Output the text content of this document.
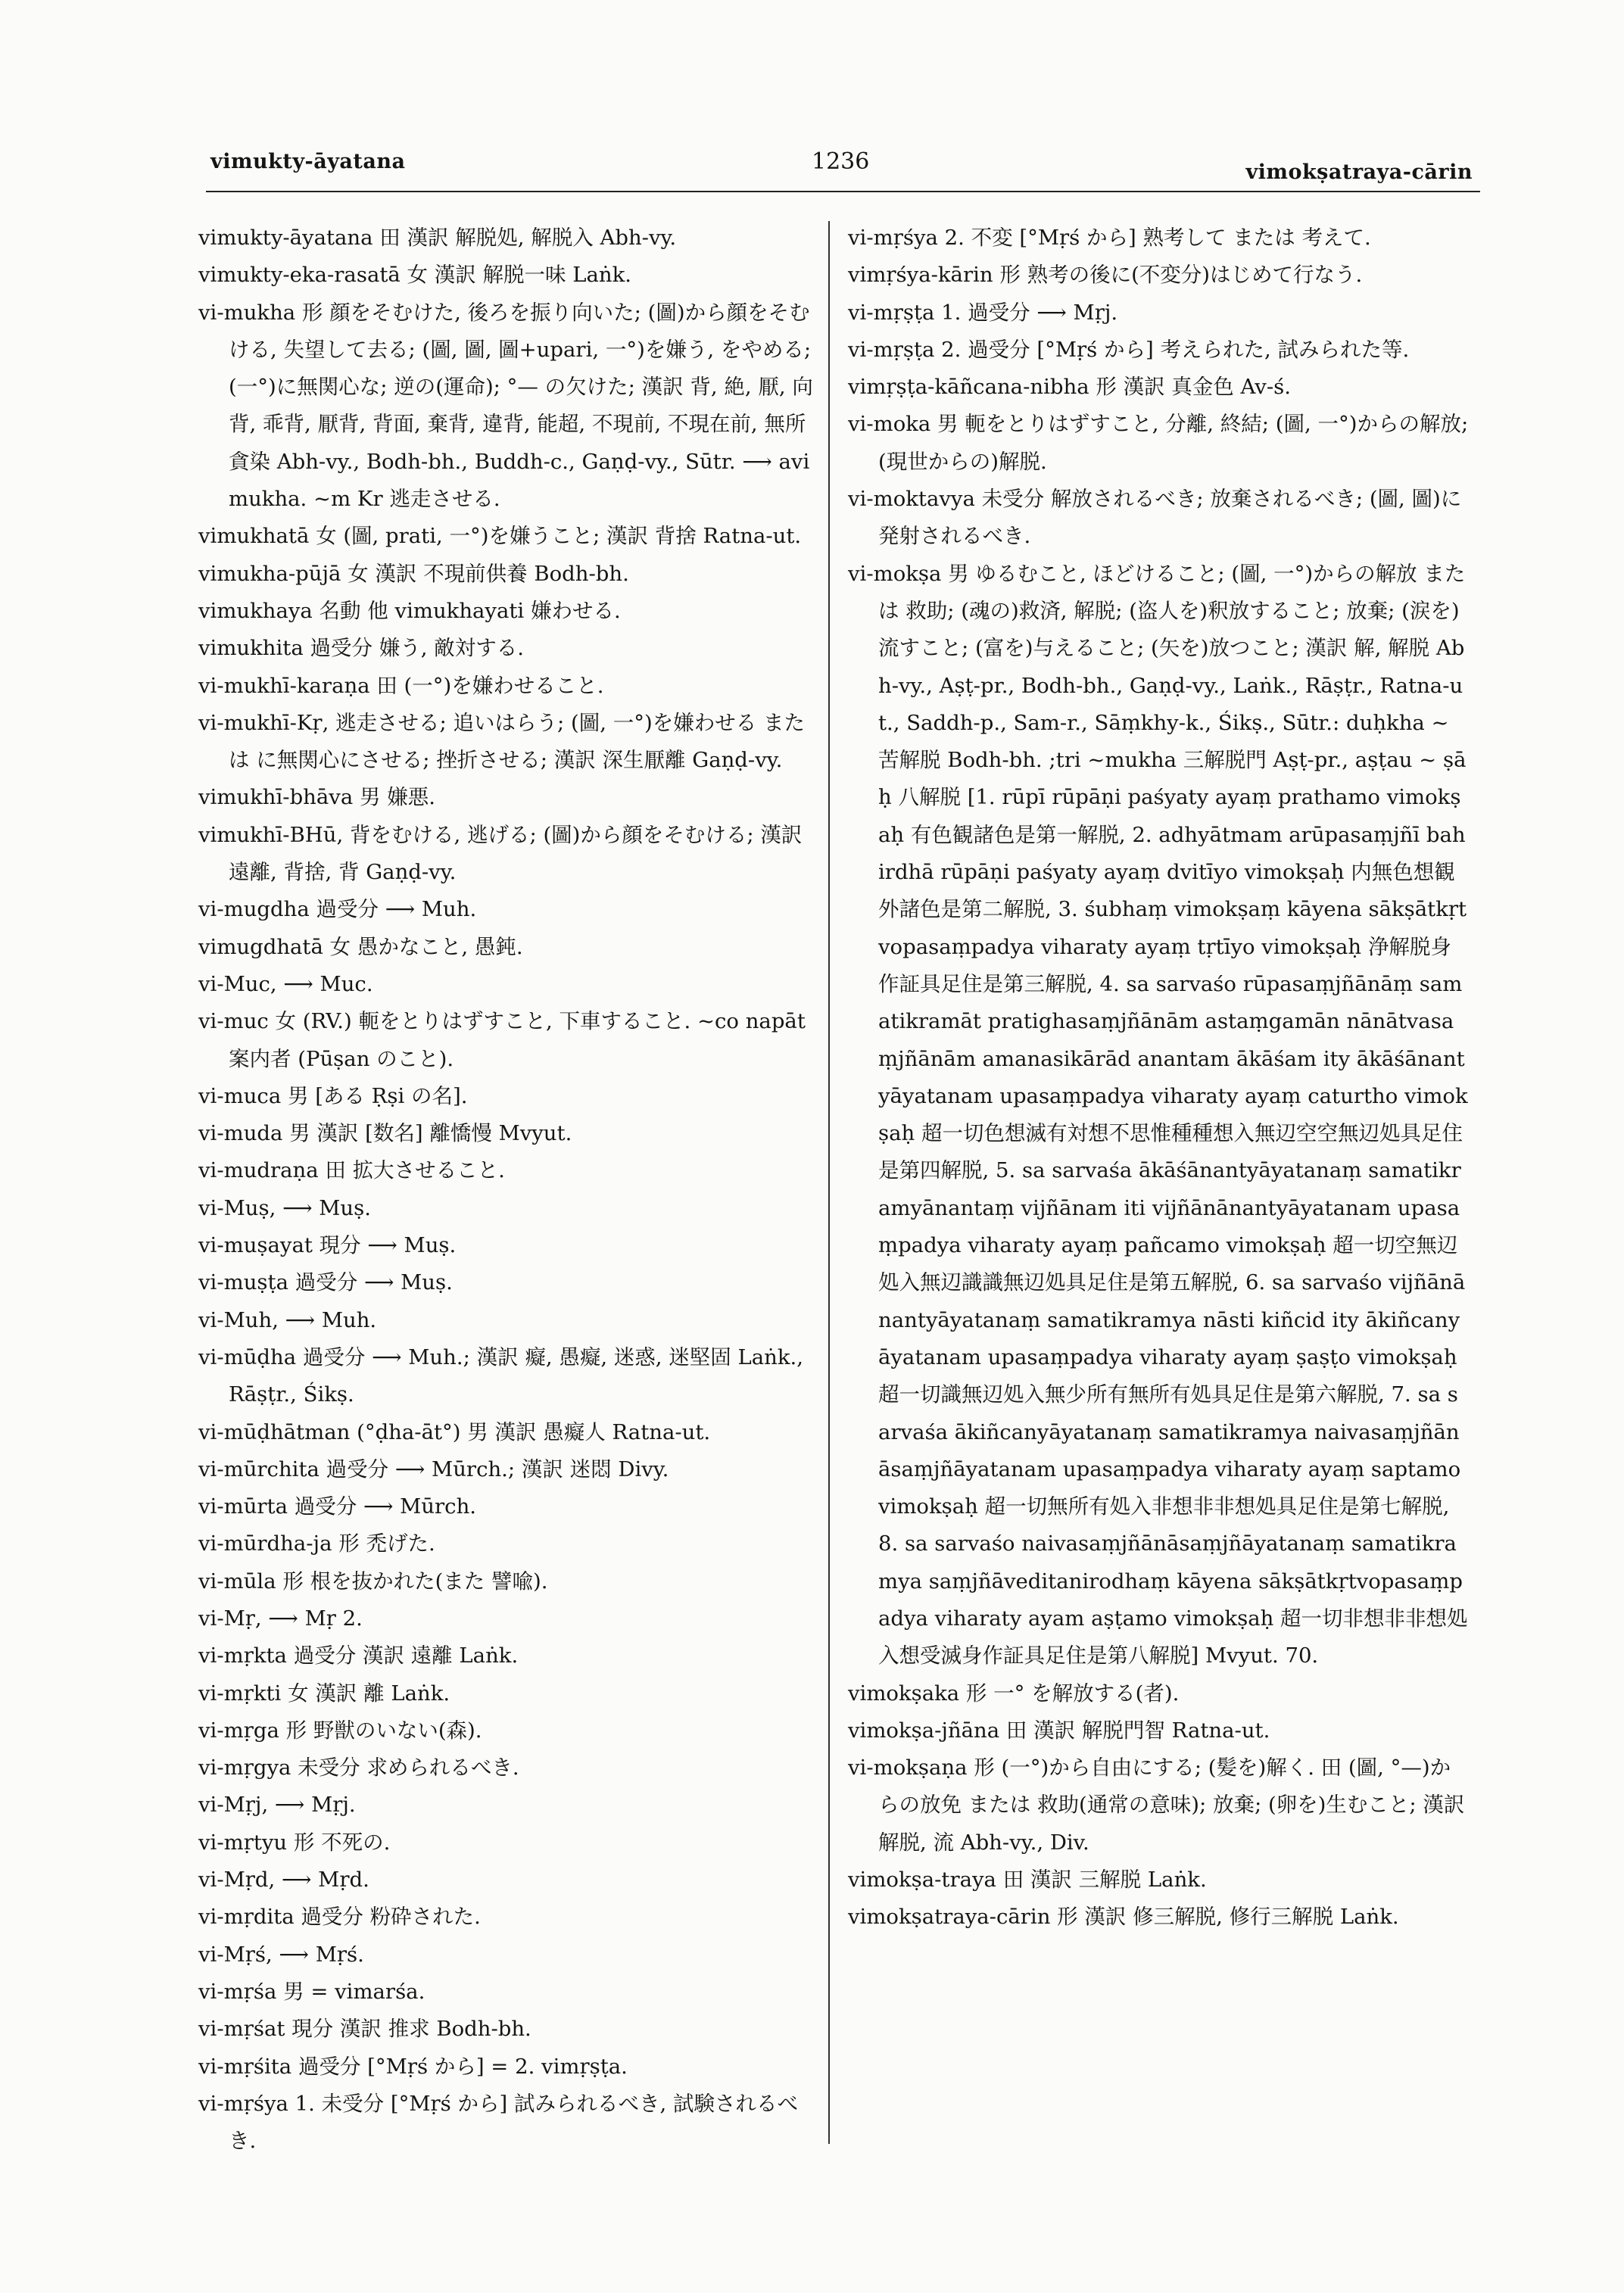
vimukty-āyatana	1236	vimokṣatraya-cārin

vimukty-āyatana 田 漢訳 解脱処, 解脱入 Abh-vy.

vimukty-eka-rasatā 女 漢訳 解脱一味 Laṅk.

vi-mukha 形 顔をそむけた, 後ろを振り向いた; (圖)から顔をそむける, 失望して去る; (圖, 圖, 圖+upari, 一°)を嫌う, をやめる; (一°)に無関心な; 逆の(運命); °— の欠けた; 漢訳 背, 絶, 厭, 向背, 乖背, 厭背, 背面, 棄背, 違背, 能超, 不現前, 不現在前, 無所貪染 Abh-vy., Bodh-bh., Buddh-c., Gaṇḍ-vy., Sūtr. ⟶ avimukha. ~m Kr 逃走させる.

vimukhatā 女 (圖, prati, 一°)を嫌うこと; 漢訳 背捨 Ratna-ut.

vimukha-pūjā 女 漢訳 不現前供養 Bodh-bh.

vimukhaya 名動 他 vimukhayati 嫌わせる.

vimukhita 過受分 嫌う, 敵対する.

vi-mukhī-karaṇa 田 (一°)を嫌わせること.

vi-mukhī-Kṛ, 逃走させる; 追いはらう; (圖, 一°)を嫌わせる または に無関心にさせる; 挫折させる; 漢訳 深生厭離 Gaṇḍ-vy.

vimukhī-bhāva 男 嫌悪.

vimukhī-BHū, 背をむける, 逃げる; (圖)から顔をそむける; 漢訳 遠離, 背捨, 背 Gaṇḍ-vy.

vi-mugdha 過受分 ⟶ Muh.

vimugdhatā 女 愚かなこと, 愚鈍.

vi-Muc, ⟶ Muc.

vi-muc 女 (RV.) 軛をとりはずすこと, 下車すること. ~co napāt 案内者 (Pūṣan のこと).

vi-muca 男 [ある Ṛṣi の名].

vi-muda 男 漢訳 [数名] 離憍慢 Mvyut.

vi-mudraṇa 田 拡大させること.

vi-Muṣ, ⟶ Muṣ.

vi-muṣayat 現分 ⟶ Muṣ.

vi-muṣṭa 過受分 ⟶ Muṣ.

vi-Muh, ⟶ Muh.

vi-mūḍha 過受分 ⟶ Muh.; 漢訳 癡, 愚癡, 迷惑, 迷堅固 Laṅk., Rāṣṭr., Śikṣ.

vi-mūḍhātman (°ḍha-āt°) 男 漢訳 愚癡人 Ratna-ut.

vi-mūrchita 過受分 ⟶ Mūrch.; 漢訳 迷悶 Divy.

vi-mūrta 過受分 ⟶ Mūrch.

vi-mūrdha-ja 形 禿げた.

vi-mūla 形 根を抜かれた(また 譬喩).

vi-Mṛ, ⟶ Mṛ 2.

vi-mṛkta 過受分 漢訳 遠離 Laṅk.

vi-mṛkti 女 漢訳 離 Laṅk.

vi-mṛga 形 野獣のいない(森).

vi-mṛgya 未受分 求められるべき.

vi-Mṛj, ⟶ Mṛj.

vi-mṛtyu 形 不死の.

vi-Mṛd, ⟶ Mṛd.

vi-mṛdita 過受分 粉砕された.

vi-Mṛś, ⟶ Mṛś.

vi-mṛśa 男 = vimarśa.

vi-mṛśat 現分 漢訳 推求 Bodh-bh.

vi-mṛśita 過受分 [°Mṛś から] = 2. vimṛṣṭa.

vi-mṛśya 1. 未受分 [°Mṛś から] 試みられるべき, 試験されるべき.

vi-mṛśya 2. 不変 [°Mṛś から] 熟考して または 考えて.

vimṛśya-kārin 形 熟考の後に(不変分)はじめて行なう.

vi-mṛṣṭa 1. 過受分 ⟶ Mṛj.

vi-mṛṣṭa 2. 過受分 [°Mṛś から] 考えられた, 試みられた等.

vimṛṣṭa-kāñcana-nibha 形 漢訳 真金色 Av-ś.

vi-moka 男 軛をとりはずすこと, 分離, 終結; (圖, 一°)からの解放; (現世からの)解脱.

vi-moktavya 未受分 解放されるべき; 放棄されるべき; (圖, 圖)に発射されるべき.

vi-mokṣa 男 ゆるむこと, ほどけること; (圖, 一°)からの解放 または 救助; (魂の)救済, 解脱; (盗人を)釈放すること; 放棄; (涙を)流すこと; (富を)与えること; (矢を)放つこと; 漢訳 解, 解脱 Abh-vy., Aṣṭ-pr., Bodh-bh., Gaṇḍ-vy., Laṅk., Rāṣṭr., Ratna-ut., Saddh-p., Sam-r., Sāṃkhy-k., Śikṣ., Sūtr.: duḥkha ~ 苦解脱 Bodh-bh. ;tri ~mukha 三解脱門 Aṣṭ-pr., aṣṭau ~ ṣāḥ 八解脱 [1. rūpī rūpāṇi paśyaty ayaṃ prathamo vimokṣaḥ 有色観諸色是第一解脱, 2. adhyātmam arūpasaṃjñī bahirdhā rūpāṇi paśyaty ayaṃ dvitīyo vimokṣaḥ 内無色想観外諸色是第二解脱, 3. śubhaṃ vimokṣaṃ kāyena sākṣātkṛtvopasaṃpadya viharaty ayaṃ tṛtīyo vimokṣaḥ 浄解脱身作証具足住是第三解脱, 4. sa sarvaśo rūpasaṃjñānāṃ samatikramāt pratighasaṃjñānām astaṃgamān nānātvasaṃjñānām amanasikārād anantam ākāśam ity ākāśānantyāyatanam upasaṃpadya viharaty ayaṃ caturtho vimokṣaḥ 超一切色想滅有対想不思惟種種想入無辺空空無辺処具足住是第四解脱, 5. sa sarvaśa ākāśānantyāyatanaṃ samatikramyānantaṃ vijñānam iti vijñānānantyāyatanam upasaṃpadya viharaty ayaṃ pañcamo vimokṣaḥ 超一切空無辺処入無辺識識無辺処具足住是第五解脱, 6. sa sarvaśo vijñānānantyāyatanaṃ samatikramya nāsti kiñcid ity ākiñcanyāyatanam upasaṃpadya viharaty ayaṃ ṣaṣṭo vimokṣaḥ 超一切識無辺処入無少所有無所有処具足住是第六解脱, 7. sa sarvaśa ākiñcanyāyatanaṃ samatikramya naivasaṃjñānāsaṃjñāyatanam upasaṃpadya viharaty ayaṃ saptamo vimokṣaḥ 超一切無所有処入非想非非想処具足住是第七解脱, 8. sa sarvaśo naivasaṃjñānāsaṃjñāyatanaṃ samatikramya saṃjñāveditanirodhaṃ kāyena sākṣātkṛtvopasaṃpadya viharaty ayam aṣṭamo vimokṣaḥ 超一切非想非非想処入想受滅身作証具足住是第八解脱] Mvyut. 70.

vimokṣaka 形 一° を解放する(者).

vimokṣa-jñāna 田 漢訳 解脱門智 Ratna-ut.

vi-mokṣaṇa 形 (一°)から自由にする; (髪を)解く. 田 (圖, °—)からの放免 または 救助(通常の意味); 放棄; (卵を)生むこと; 漢訳 解脱, 流 Abh-vy., Div.

vimokṣa-traya 田 漢訳 三解脱 Laṅk.

vimokṣatraya-cārin 形 漢訳 修三解脱, 修行三解脱 Laṅk.
